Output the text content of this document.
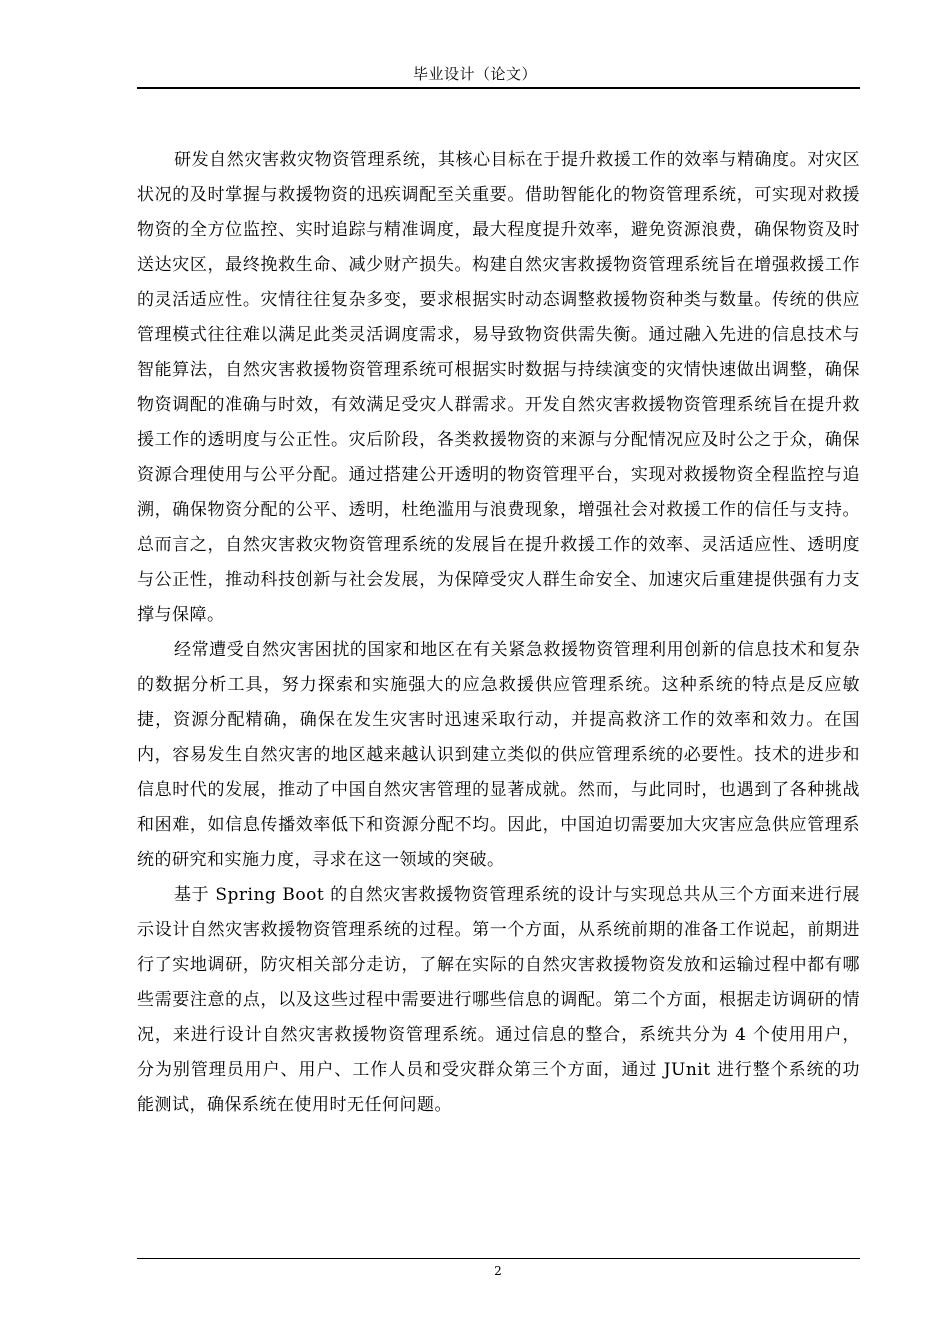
毕业设计（论文）

研发自然灾害救灾物资管理系统，其核心目标在于提升救援工作的效率与精确度。对灾区状况的及时掌握与救援物资的迅疾调配至关重要。借助智能化的物资管理系统，可实现对救援物资的全方位监控、实时追踪与精准调度，最大程度提升效率，避免资源浪费，确保物资及时送达灾区，最终挽救生命、减少财产损失。构建自然灾害救援物资管理系统旨在增强救援工作的灵活适应性。灾情往往复杂多变，要求根据实时动态调整救援物资种类与数量。传统的供应管理模式往往难以满足此类灵活调度需求，易导致物资供需失衡。通过融入先进的信息技术与智能算法，自然灾害救援物资管理系统可根据实时数据与持续演变的灾情快速做出调整，确保物资调配的准确与时效，有效满足受灾人群需求。开发自然灾害救援物资管理系统旨在提升救援工作的透明度与公正性。灾后阶段，各类救援物资的来源与分配情况应及时公之于众，确保资源合理使用与公平分配。通过搭建公开透明的物资管理平台，实现对救援物资全程监控与追溯，确保物资分配的公平、透明，杜绝滥用与浪费现象，增强社会对救援工作的信任与支持。总而言之，自然灾害救灾物资管理系统的发展旨在提升救援工作的效率、灵活适应性、透明度与公正性，推动科技创新与社会发展，为保障受灾人群生命安全、加速灾后重建提供强有力支撑与保障。

经常遭受自然灾害困扰的国家和地区在有关紧急救援物资管理利用创新的信息技术和复杂的数据分析工具，努力探索和实施强大的应急救援供应管理系统。这种系统的特点是反应敏捷，资源分配精确，确保在发生灾害时迅速采取行动，并提高救济工作的效率和效力。在国内，容易发生自然灾害的地区越来越认识到建立类似的供应管理系统的必要性。技术的进步和信息时代的发展，推动了中国自然灾害管理的显著成就。然而，与此同时，也遇到了各种挑战和困难，如信息传播效率低下和资源分配不均。因此，中国迫切需要加大灾害应急供应管理系统的研究和实施力度，寻求在这一领域的突破。

基于 Spring Boot 的自然灾害救援物资管理系统的设计与实现总共从三个方面来进行展示设计自然灾害救援物资管理系统的过程。第一个方面，从系统前期的准备工作说起，前期进行了实地调研，防灾相关部分走访，了解在实际的自然灾害救援物资发放和运输过程中都有哪些需要注意的点，以及这些过程中需要进行哪些信息的调配。第二个方面，根据走访调研的情况，来进行设计自然灾害救援物资管理系统。通过信息的整合，系统共分为 4 个使用用户，分为别管理员用户、用户、工作人员和受灾群众第三个方面，通过 JUnit 进行整个系统的功能测试，确保系统在使用时无任何问题。

2
